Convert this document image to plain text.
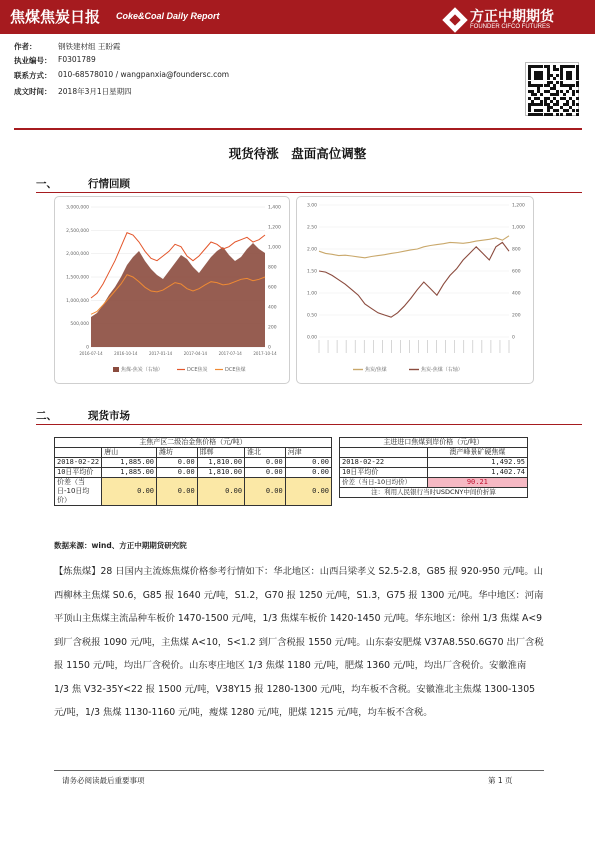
焦煤焦炭日报 Coke&Coal Daily Report	方正中期期货
FOUNDER CIFCO FUTURES
作者：	钢铁建材组 王盼霞
执业编号： F0301789
联系方式： 010-68578010 / wangpanxia@foundersc.com
成文时间： 2018年3月1日星期四
现货待涨　盘面高位调整
一、	行情回顾
3,000,000
2,500,000
2,000,000
1,500,000
1,000,000
500,000
0
1,400
1,200
1,000
800
600
400
200
0
2016-07-14	2016-10-14	2017-01-14	2017-04-14	2017-07-14	2017-10-14
焦煤-焦炭（右轴）	DCE焦炭	DCE焦煤
3.00
2.50
2.00
1.50
1.00
0.50
0.00
1,200
1,000
800
600
400
200
0
焦炭/焦煤	焦炭-焦煤（右轴）
二、	现货市场
主焦产区二级冶金焦价格（元/吨）					
	唐山	潍坊	邯郸	淮北	河津
2018-02-22	1,885.00	0.00	1,810.00	0.00	0.00
10日平均价	1,885.00	0.00	1,810.00	0.00	0.00
价差（当日-10日均价）	0.00	0.00	0.00	0.00	0.00
主进进口焦煤到岸价格（元/吨）	
	澳产峰景矿硬焦煤
2018-02-22	1,492.95
10日平均价	1,402.74
价差（当日-10日均价）	90.21
注：利用人民银行当时USDCNY中间价折算	
数据来源：wind、方正中期期货研究院
【炼焦煤】28 日国内主流炼焦煤价格参考行情如下：华北地区：山西吕梁孝义 S2.5-2.8，G85 报 920-950 元/吨。山西柳林主焦煤 S0.6，G85 报 1640 元/吨，S1.2，G70 报 1250 元/吨，S1.3，G75 报 1300 元/吨。华中地区：河南平顶山主焦煤主流品种车板价 1470-1500 元/吨，1/3 焦煤车板价 1420-1450 元/吨。华东地区：徐州 1/3 焦煤 A<9 到厂含税报 1090 元/吨，主焦煤 A<10，S<1.2 到厂含税报 1550 元/吨。山东泰安肥煤 V37A8.5S0.6G70 出厂含税报 1150 元/吨，均出厂含税价。山东枣庄地区 1/3 焦煤 1180 元/吨，肥煤 1360 元/吨，均出厂含税价。安徽淮南 1/3 焦 V32-35Y<22 报 1500 元/吨，V38Y15 报 1280-1300 元/吨，均车板不含税。安徽淮北主焦煤 1300-1305 元/吨，1/3 焦煤 1130-1160 元/吨，瘦煤 1280 元/吨，肥煤 1215 元/吨，均车板不含税。
请务必阅读最后重要事项	第 1 页
